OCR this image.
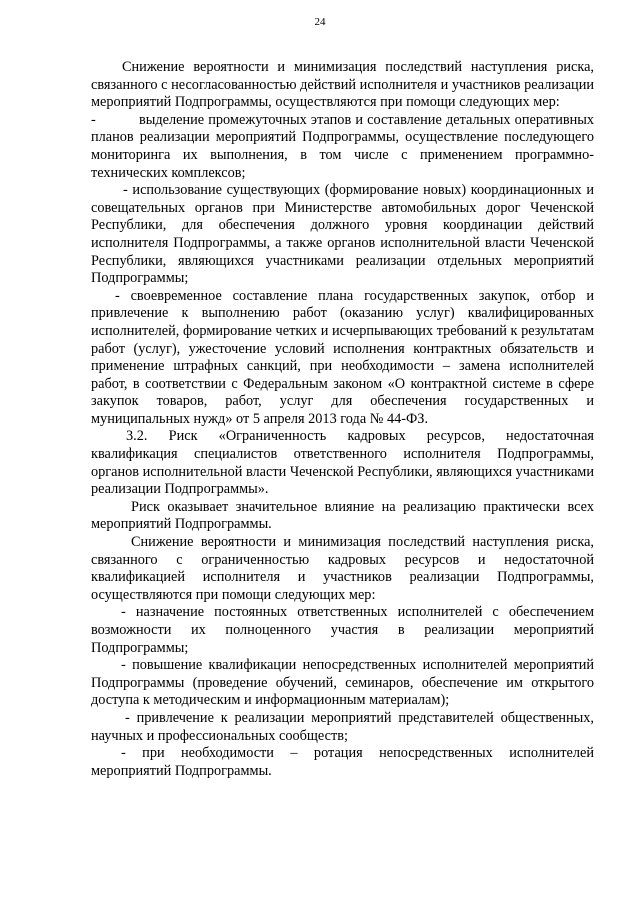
24

Снижение вероятности и минимизация последствий наступления риска, связанного с несогласованностью действий исполнителя и участников реализации мероприятий Подпрограммы, осуществляются при помощи следующих мер:

-	выделение промежуточных этапов и составление детальных оперативных планов реализации мероприятий Подпрограммы, осуществление последующего мониторинга их выполнения, в том числе с применением программно-технических комплексов;

- использование существующих (формирование новых) координационных и совещательных органов при Министерстве автомобильных дорог Чеченской Республики, для обеспечения должного уровня координации действий исполнителя Подпрограммы, а также органов исполнительной власти Чеченской Республики, являющихся участниками реализации отдельных мероприятий Подпрограммы;

- своевременное составление плана государственных закупок, отбор и привлечение к выполнению работ (оказанию услуг) квалифицированных исполнителей, формирование четких и исчерпывающих требований к результатам работ (услуг), ужесточение условий исполнения контрактных обязательств и применение штрафных санкций, при необходимости – замена исполнителей работ, в соответствии с Федеральным законом «О контрактной системе в сфере закупок товаров, работ, услуг для обеспечения государственных и муниципальных нужд» от 5 апреля 2013 года № 44-ФЗ.

3.2. Риск «Ограниченность кадровых ресурсов, недостаточная квалификация специалистов ответственного исполнителя Подпрограммы, органов исполнительной власти Чеченской Республики, являющихся участниками реализации Подпрограммы».

Риск оказывает значительное влияние на реализацию практически всех мероприятий Подпрограммы.

Снижение вероятности и минимизация последствий наступления риска, связанного с ограниченностью кадровых ресурсов и недостаточной квалификацией исполнителя и участников реализации Подпрограммы, осуществляются при помощи следующих мер:

- назначение постоянных ответственных исполнителей с обеспечением возможности их полноценного участия в реализации мероприятий Подпрограммы;

- повышение квалификации непосредственных исполнителей мероприятий Подпрограммы (проведение обучений, семинаров, обеспечение им открытого доступа к методическим и информационным материалам);

- привлечение к реализации мероприятий представителей общественных, научных и профессиональных сообществ;

- при необходимости – ротация непосредственных исполнителей мероприятий Подпрограммы.
